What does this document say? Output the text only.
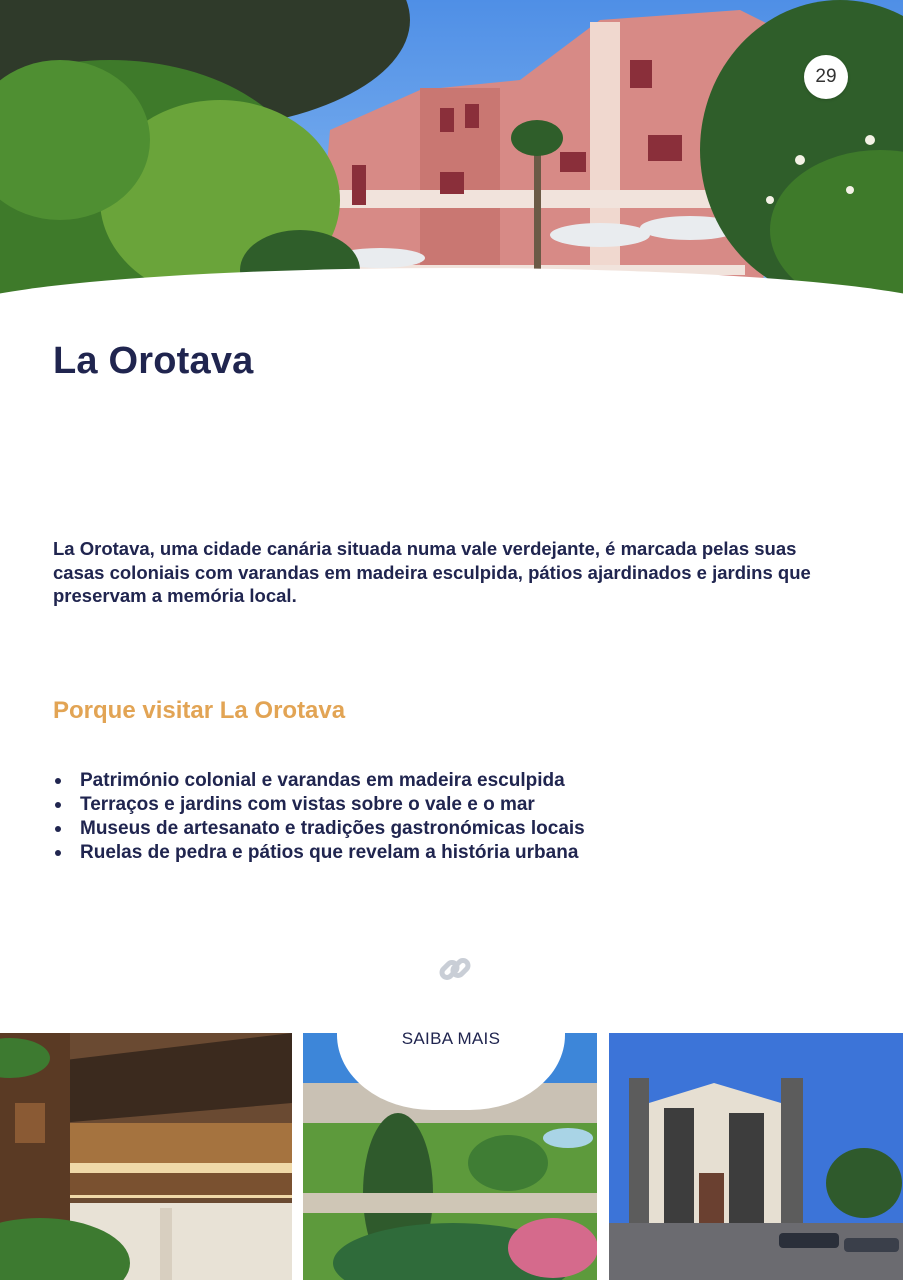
29
La Orotava

La Orotava, uma cidade canária situada numa vale verdejante, é marcada pelas suas casas coloniais com varandas em madeira esculpida, pátios ajardinados e jardins que preservam a memória local.

Porque visitar La Orotava
Património colonial e varandas em madeira esculpida
Terraços e jardins com vistas sobre o vale e o mar
Museus de artesanato e tradições gastronómicas locais
Ruelas de pedra e pátios que revelam a história urbana
SAIBA MAIS
